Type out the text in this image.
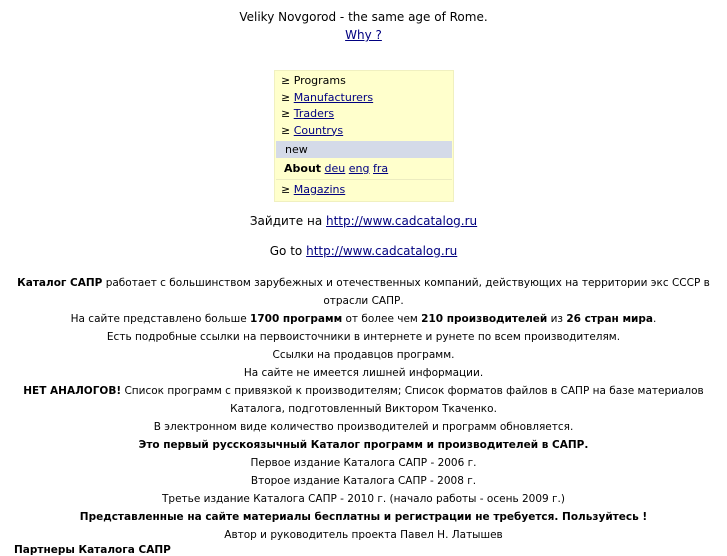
Veliky Novgorod - the same age of Rome.
Why ?
≥ Programs
≥ Manufacturers
≥ Traders
≥ Countrys
new
About deu eng fra
≥ Magazins
Зайдите на http://www.cadcatalog.ru
Go to http://www.cadcatalog.ru

Каталог САПР работает с большинством зарубежных и отечественных компаний, действующих на территории экс СССР в отрасли САПР.

На сайте представлено больше 1700 программ от более чем 210 производителей из 26 стран мира.

Есть подробные ссылки на первоисточники в интернете и рунете по всем производителям.

Ссылки на продавцов программ.

На сайте не имеется лишней информации.

НЕТ АНАЛОГОВ! Список программ с привязкой к производителям; Список форматов файлов в САПР на базе материалов Каталога, подготовленный Виктором Ткаченко.

В электронном виде количество производителей и программ обновляется.

Это первый русскоязычный Каталог программ и производителей в САПР.

Первое издание Каталога САПР - 2006 г.

Второе издание Каталога САПР - 2008 г.

Третье издание Каталога САПР - 2010 г. (начало работы - осень 2009 г.)

Представленные на сайте материалы бесплатны и регистрации не требуется. Пользуйтесь !

Автор и руководитель проекта Павел Н. Латышев

Партнеры Каталога САПР
